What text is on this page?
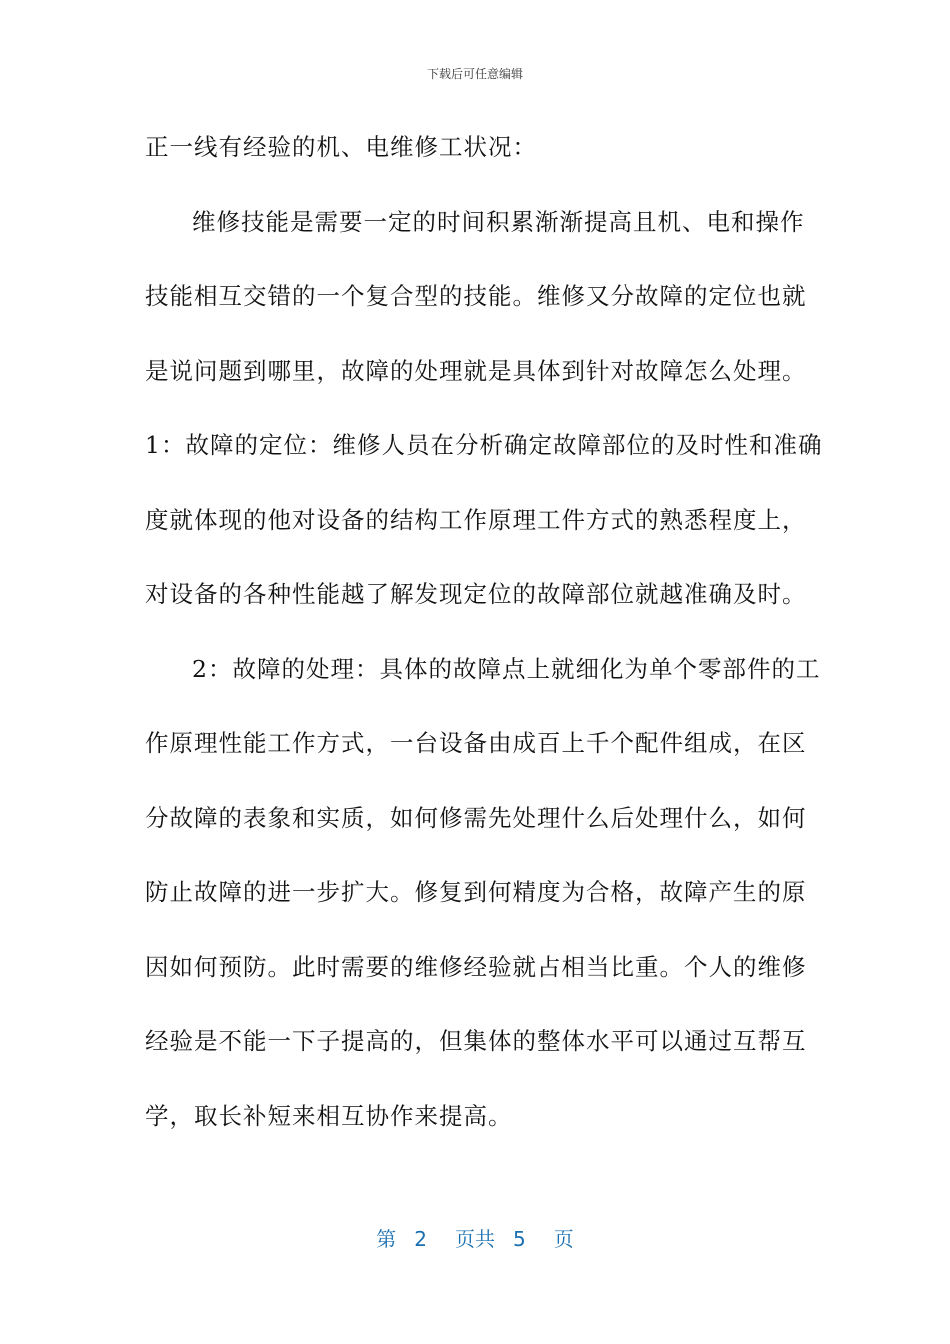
下载后可任意编辑
正一线有经验的机、电维修工状况：
维修技能是需要一定的时间积累渐渐提高且机、电和操作
技能相互交错的一个复合型的技能。维修又分故障的定位也就
是说问题到哪里，故障的处理就是具体到针对故障怎么处理。
1：故障的定位：维修人员在分析确定故障部位的及时性和准确
度就体现的他对设备的结构工作原理工件方式的熟悉程度上，
对设备的各种性能越了解发现定位的故障部位就越准确及时。
2：故障的处理：具体的故障点上就细化为单个零部件的工
作原理性能工作方式，一台设备由成百上千个配件组成，在区
分故障的表象和实质，如何修需先处理什么后处理什么，如何
防止故障的进一步扩大。修复到何精度为合格，故障产生的原
因如何预防。此时需要的维修经验就占相当比重。个人的维修
经验是不能一下子提高的，但集体的整体水平可以通过互帮互
学，取长补短来相互协作来提高。
第 2 页共 5 页
